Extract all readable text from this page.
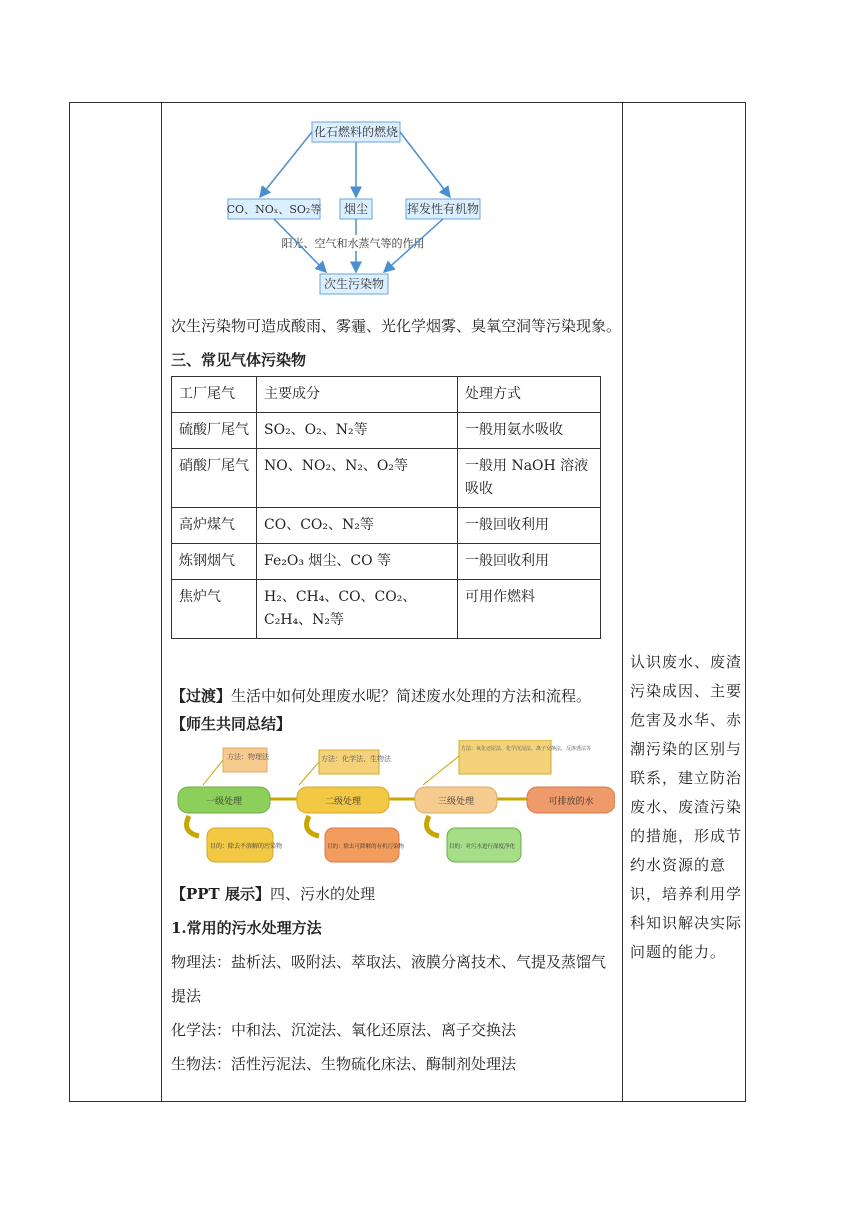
化石燃料的燃烧
CO、NOₓ、SO₂等 烟尘	挥发性有机物
阳光、空气和水蒸气等的作用
次生污染物
次生污染物可造成酸雨、雾霾、光化学烟雾、臭氧空洞等污染现象。
三、常见气体污染物
工厂尾气	主要成分	处理方式
硫酸厂尾气	SO₂、O₂、N₂等	一般用氨水吸收
硝酸厂尾气	NO、NO₂、N₂、O₂等	一般用 NaOH 溶液吸收
高炉煤气	CO、CO₂、N₂等	一般回收利用
炼钢烟气	Fe₂O₃ 烟尘、CO 等	一般回收利用
焦炉气	H₂、CH₄、CO、CO₂、C₂H₄、N₂等	可用作燃料
【过渡】生活中如何处理废水呢？简述废水处理的方法和流程。
【师生共同总结】
一级处理	二级处理	三级处理	可排放的水
方法：物理法	方法：化学法、生物法
方法：氧化还原法、化学沉淀法、离子交换法、反渗透法等
目的：除去不溶解的污染物	目的：除去可降解的有机污染物	目的：对污水进行深度净化
【PPT 展示】四、污水的处理
1.常用的污水处理方法
物理法：盐析法、吸附法、萃取法、液膜分离技术、气提及蒸馏气
提法
化学法：中和法、沉淀法、氧化还原法、离子交换法
生物法：活性污泥法、生物硫化床法、酶制剂处理法
认识废水、废渣污染成因、主要危害及水华、赤潮污染的区别与联系，建立防治废水、废渣污染的措施，形成节约水资源的意识，培养利用学科知识解决实际问题的能力。
